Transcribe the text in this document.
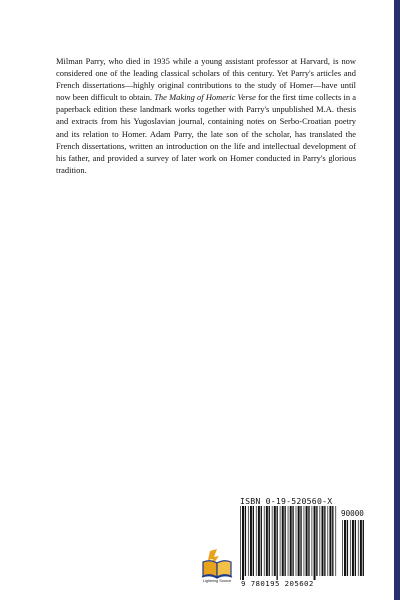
Milman Parry, who died in 1935 while a young assistant professor at Harvard, is now considered one of the leading classical scholars of this century. Yet Parry's articles and French dissertations—highly original contributions to the study of Homer—have until now been difficult to obtain. The Making of Homeric Verse for the first time collects in a paperback edition these landmark works together with Parry's unpublished M.A. thesis and extracts from his Yugoslavian journal, containing notes on Serbo-Croatian poetry and its relation to Homer. Adam Parry, the late son of the scholar, has translated the French dissertations, written an introduction on the life and intellectual development of his father, and provided a survey of later work on Homer conducted in Parry's glorious tradition.

ISBN 0-19-520560-X
90000
9 780195 205602
Lightning Source
